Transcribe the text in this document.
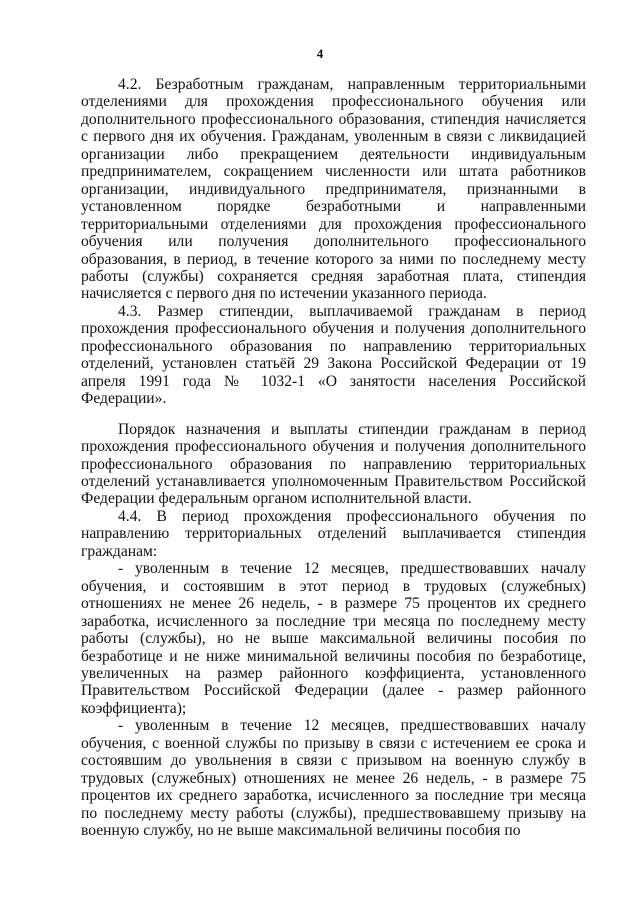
4

4.2. Безработным гражданам, направленным территориальными отделениями для прохождения профессионального обучения или дополнительного профессионального образования, стипендия начисляется с первого дня их обучения. Гражданам, уволенным в связи с ликвидацией организации либо прекращением деятельности индивидуальным предпринимателем, сокращением численности или штата работников организации, индивидуального предпринимателя, признанными в установленном порядке безработными и направленными территориальными отделениями для прохождения профессионального обучения или получения дополнительного профессионального образования, в период, в течение которого за ними по последнему месту работы (службы) сохраняется средняя заработная плата, стипендия начисляется с первого дня по истечении указанного периода.

4.3. Размер стипендии, выплачиваемой гражданам в период прохождения профессионального обучения и получения дополнительного профессионального образования по направлению территориальных отделений, установлен статьёй 29 Закона Российской Федерации от 19 апреля 1991 года № 1032-1 «О занятости населения Российской Федерации».

Порядок назначения и выплаты стипендии гражданам в период прохождения профессионального обучения и получения дополнительного профессионального образования по направлению территориальных отделений устанавливается уполномоченным Правительством Российской Федерации федеральным органом исполнительной власти.

4.4. В период прохождения профессионального обучения по направлению территориальных отделений выплачивается стипендия гражданам:

- уволенным в течение 12 месяцев, предшествовавших началу обучения, и состоявшим в этот период в трудовых (служебных) отношениях не менее 26 недель, - в размере 75 процентов их среднего заработка, исчисленного за последние три месяца по последнему месту работы (службы), но не выше максимальной величины пособия по безработице и не ниже минимальной величины пособия по безработице, увеличенных на размер районного коэффициента, установленного Правительством Российской Федерации (далее - размер районного коэффициента);

- уволенным в течение 12 месяцев, предшествовавших началу обучения, с военной службы по призыву в связи с истечением ее срока и состоявшим до увольнения в связи с призывом на военную службу в трудовых (служебных) отношениях не менее 26 недель, - в размере 75 процентов их среднего заработка, исчисленного за последние три месяца по последнему месту работы (службы), предшествовавшему призыву на военную службу, но не выше максимальной величины пособия по
